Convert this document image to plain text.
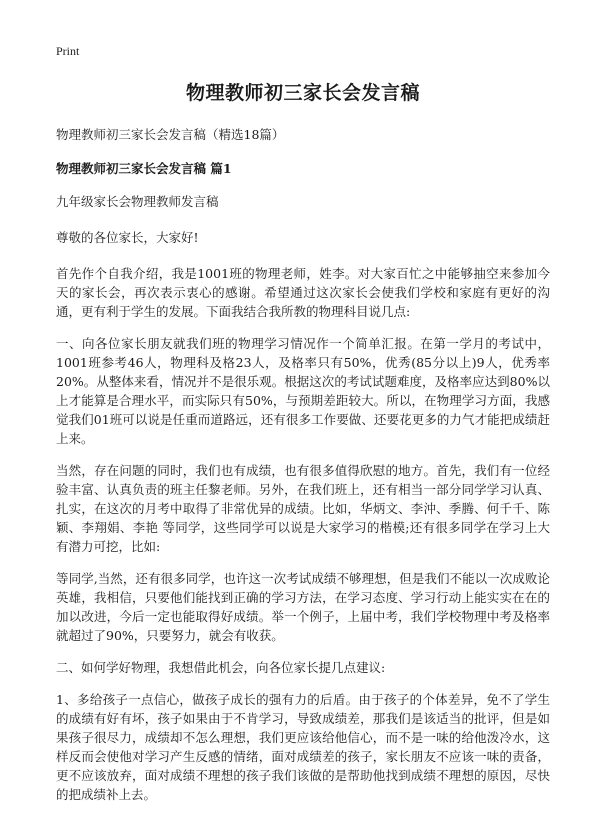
Print
物理教师初三家长会发言稿
物理教师初三家长会发言稿（精选18篇）
物理教师初三家长会发言稿 篇1

九年级家长会物理教师发言稿

尊敬的各位家长，大家好!

首先作个自我介绍，我是1001班的物理老师，姓李。对大家百忙之中能够抽空来参加今天的家长会，再次表示衷心的感谢。希望通过这次家长会使我们学校和家庭有更好的沟通，更有利于学生的发展。下面我结合我所教的物理科目说几点:

一、向各位家长朋友就我们班的物理学习情况作一个简单汇报。在第一学月的考试中，1001班参考46人，物理科及格23人，及格率只有50%，优秀(85分以上)9人，优秀率20%。从整体来看，情况并不是很乐观。根据这次的考试试题难度，及格率应达到80%以上才能算是合理水平，而实际只有50%，与预期差距较大。所以，在物理学习方面，我感觉我们01班可以说是任重而道路远，还有很多工作要做、还要花更多的力气才能把成绩赶上来。

当然，存在问题的同时，我们也有成绩，也有很多值得欣慰的地方。首先，我们有一位经验丰富、认真负责的班主任黎老师。另外，在我们班上，还有相当一部分同学学习认真、扎实，在这次的月考中取得了非常优异的成绩。比如，华炳文、李沖、季腾、何千千、陈颖、李翔娟、李艳 等同学，这些同学可以说是大家学习的楷模;还有很多同学在学习上大有潜力可挖，比如:

等同学,当然，还有很多同学，也许这一次考试成绩不够理想，但是我们不能以一次成败论英雄，我相信，只要他们能找到正确的学习方法，在学习态度、学习行动上能实实在在的加以改进，今后一定也能取得好成绩。举一个例子，上届中考，我们学校物理中考及格率就超过了90%，只要努力，就会有收获。

二、如何学好物理，我想借此机会，向各位家长提几点建议:

1、多给孩子一点信心，做孩子成长的强有力的后盾。由于孩子的个体差异，免不了学生的成绩有好有坏，孩子如果由于不肯学习，导致成绩差，那我们是该适当的批评，但是如果孩子很尽力，成绩却不怎么理想，我们更应该给他信心，而不是一味的给他泼冷水，这样反而会使他对学习产生反感的情绪，面对成绩差的孩子，家长朋友不应该一味的责备，更不应该放弃，面对成绩不理想的孩子我们该做的是帮助他找到成绩不理想的原因，尽快的把成绩补上去。
